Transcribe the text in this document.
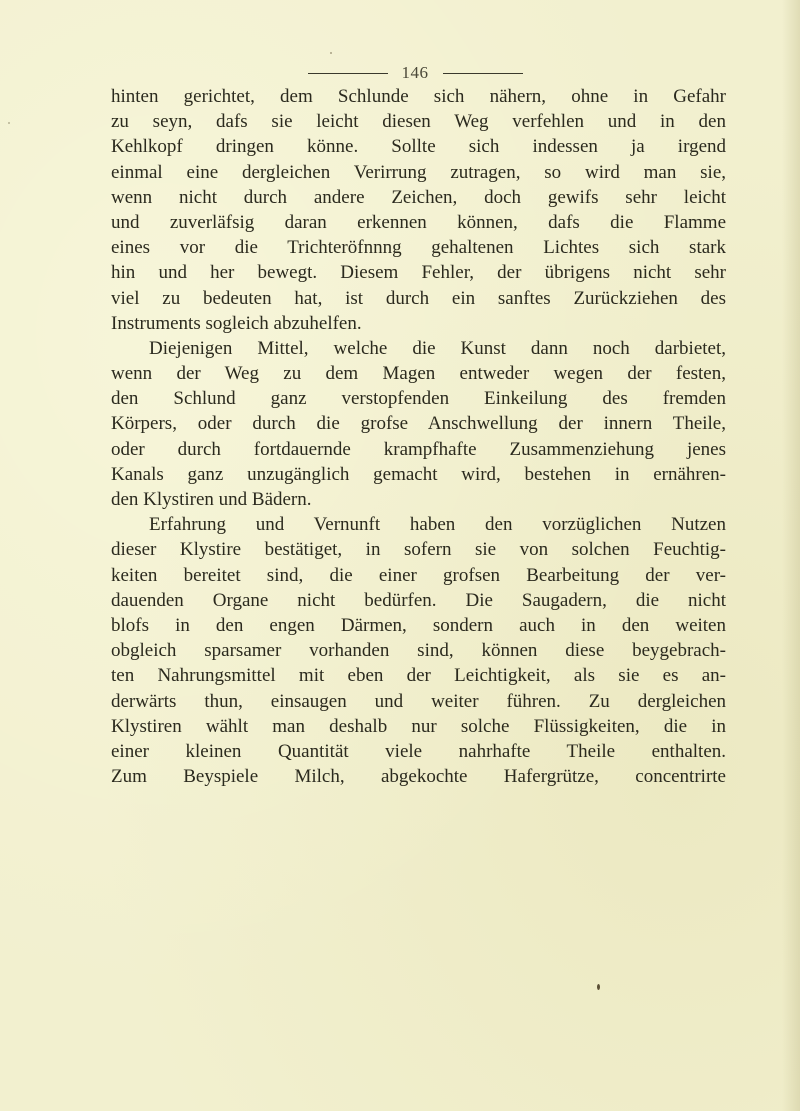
146
hinten gerichtet, dem Schlunde sich nähern, ohne in Gefahr
zu seyn, dafs sie leicht diesen Weg verfehlen und in den
Kehlkopf dringen könne. Sollte sich indessen ja irgend
einmal eine dergleichen Verirrung zutragen, so wird man sie,
wenn nicht durch andere Zeichen, doch gewifs sehr leicht
und zuverläfsig daran erkennen können, dafs die Flamme
eines vor die Trichteröfnnng gehaltenen Lichtes sich stark
hin und her bewegt. Diesem Fehler, der übrigens nicht sehr
viel zu bedeuten hat, ist durch ein sanftes Zurückziehen des
Instruments sogleich abzuhelfen.
Diejenigen Mittel, welche die Kunst dann noch darbietet,
wenn der Weg zu dem Magen entweder wegen der festen,
den Schlund ganz verstopfenden Einkeilung des fremden
Körpers, oder durch die grofse Anschwellung der innern Theile,
oder durch fortdauernde krampfhafte Zusammenziehung jenes
Kanals ganz unzugänglich gemacht wird, bestehen in ernähren-
den Klystiren und Bädern.
Erfahrung und Vernunft haben den vorzüglichen Nutzen
dieser Klystire bestätiget, in sofern sie von solchen Feuchtig-
keiten bereitet sind, die einer grofsen Bearbeitung der ver-
dauenden Organe nicht bedürfen. Die Saugadern, die nicht
blofs in den engen Därmen, sondern auch in den weiten
obgleich sparsamer vorhanden sind, können diese beygebrach-
ten Nahrungsmittel mit eben der Leichtigkeit, als sie es an-
derwärts thun, einsaugen und weiter führen. Zu dergleichen
Klystiren wählt man deshalb nur solche Flüssigkeiten, die in
einer kleinen Quantität viele nahrhafte Theile enthalten.
Zum Beyspiele Milch, abgekochte Hafergrütze, concentrirte
